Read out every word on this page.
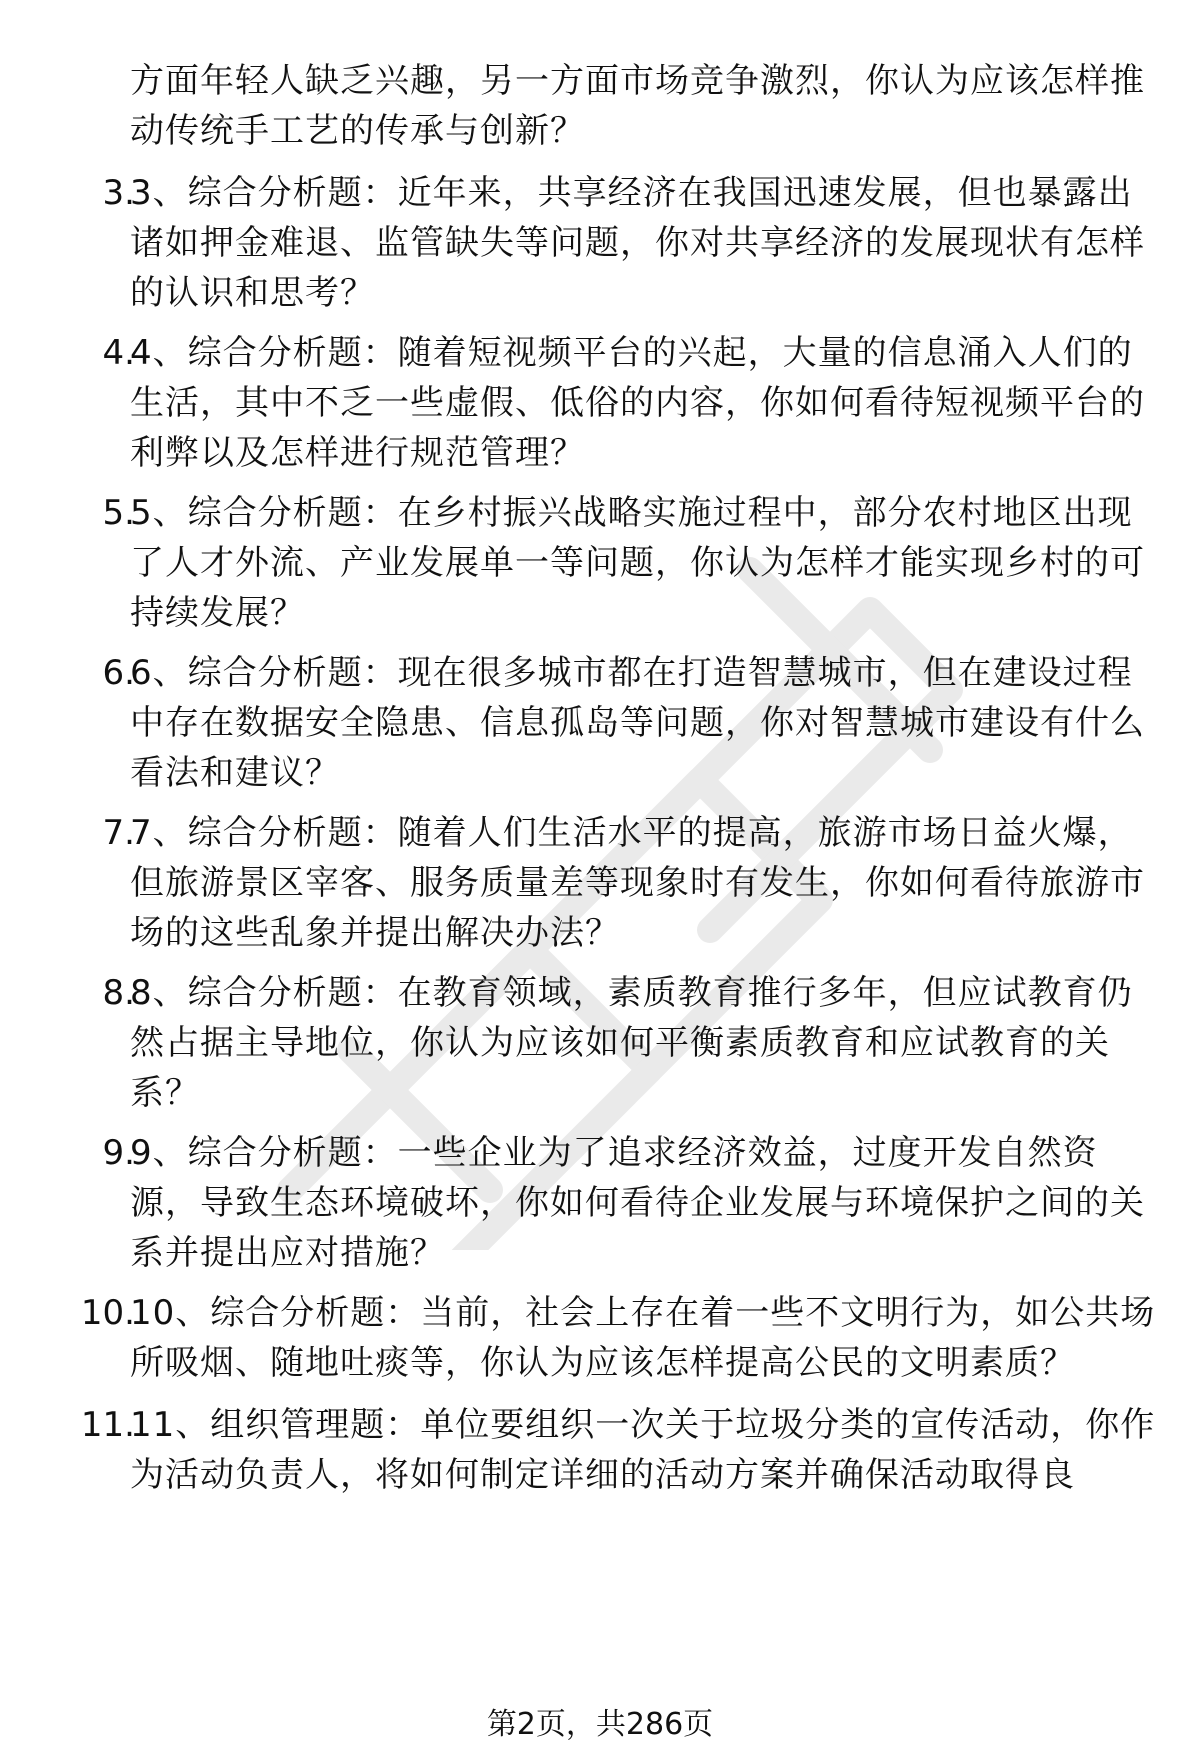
方面年轻人缺乏兴趣，另一方面市场竞争激烈，你认为应该怎样推动传统手工艺的传承与创新？

3.

3、综合分析题：近年来，共享经济在我国迅速发展，但也暴露出诸如押金难退、监管缺失等问题，你对共享经济的发展现状有怎样的认识和思考？

4.

4、综合分析题：随着短视频平台的兴起，大量的信息涌入人们的生活，其中不乏一些虚假、低俗的内容，你如何看待短视频平台的利弊以及怎样进行规范管理？

5.

5、综合分析题：在乡村振兴战略实施过程中，部分农村地区出现了人才外流、产业发展单一等问题，你认为怎样才能实现乡村的可持续发展？

6.

6、综合分析题：现在很多城市都在打造智慧城市，但在建设过程中存在数据安全隐患、信息孤岛等问题，你对智慧城市建设有什么看法和建议？

7.

7、综合分析题：随着人们生活水平的提高，旅游市场日益火爆，但旅游景区宰客、服务质量差等现象时有发生，你如何看待旅游市场的这些乱象并提出解决办法？

8.

8、综合分析题：在教育领域，素质教育推行多年，但应试教育仍然占据主导地位，你认为应该如何平衡素质教育和应试教育的关系？

9.

9、综合分析题：一些企业为了追求经济效益，过度开发自然资源，导致生态环境破坏，你如何看待企业发展与环境保护之间的关系并提出应对措施？

10.

10、综合分析题：当前，社会上存在着一些不文明行为，如公共场所吸烟、随地吐痰等，你认为应该怎样提高公民的文明素质？

11.

11、组织管理题：单位要组织一次关于垃圾分类的宣传活动，你作为活动负责人，将如何制定详细的活动方案并确保活动取得良

第2页，共286页
